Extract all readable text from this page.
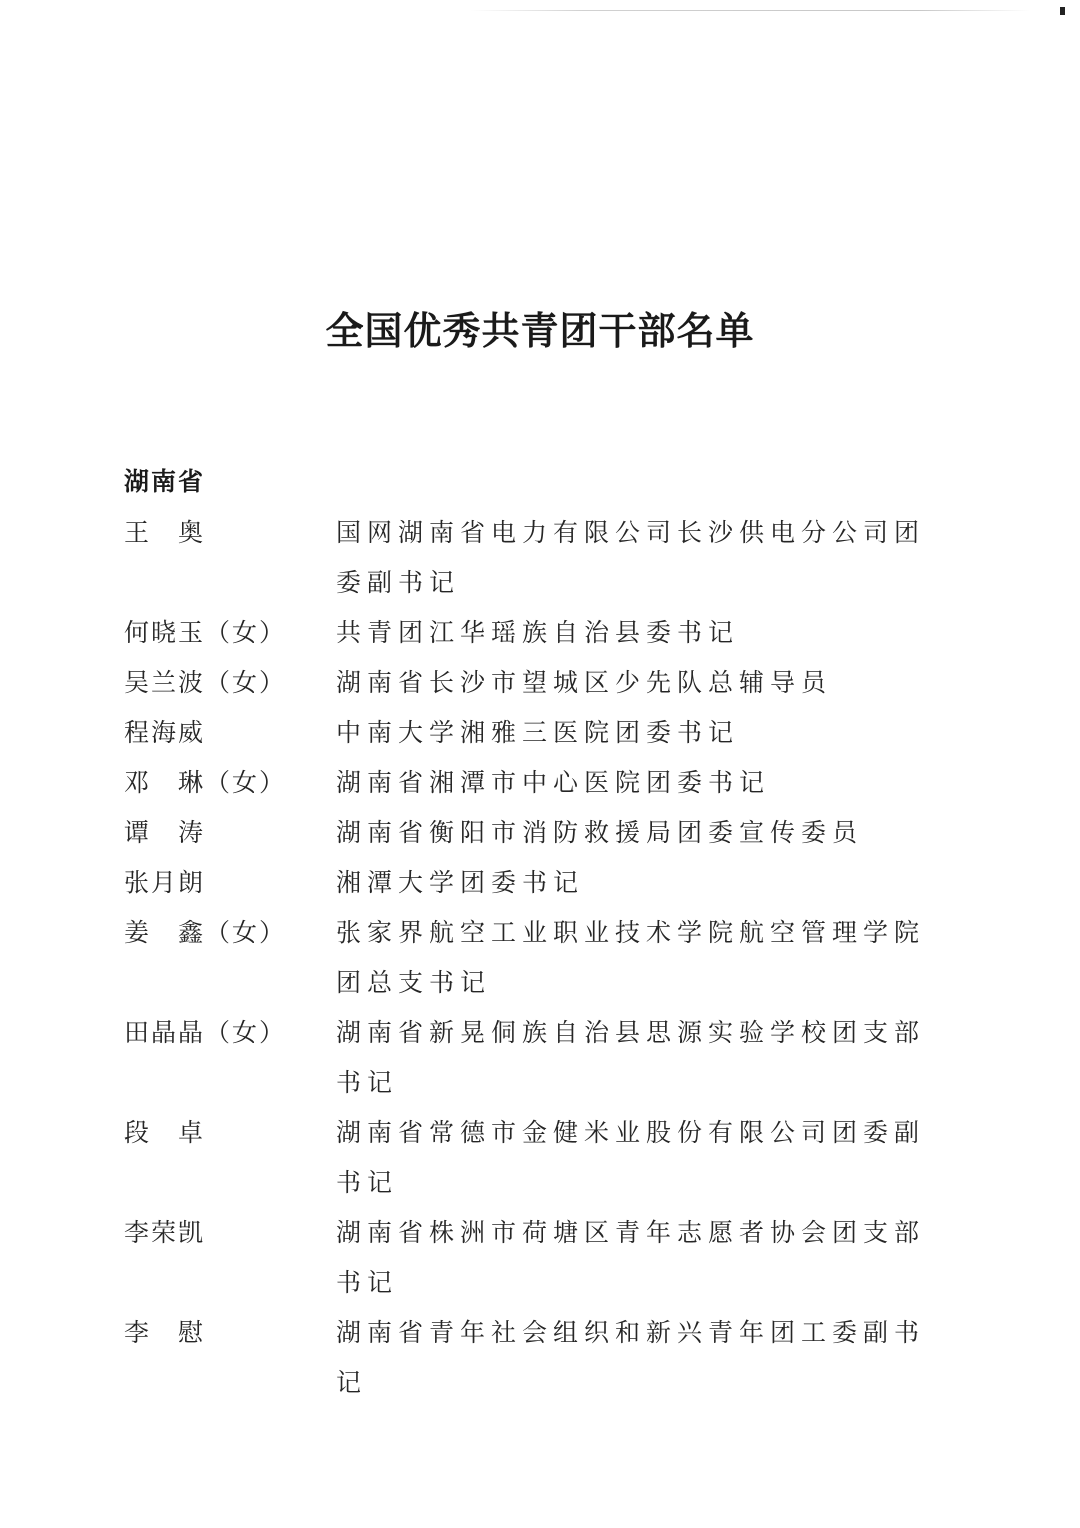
全国优秀共青团干部名单
湖南省
王　奥	国网湖南省电力有限公司长沙供电分公司团委副书记
何晓玉（女）	共青团江华瑶族自治县委书记
吴兰波（女）	湖南省长沙市望城区少先队总辅导员
程海威	中南大学湘雅三医院团委书记
邓　琳（女）	湖南省湘潭市中心医院团委书记
谭　涛	湖南省衡阳市消防救援局团委宣传委员
张月朗	湘潭大学团委书记
姜　鑫（女）	张家界航空工业职业技术学院航空管理学院团总支书记
田晶晶（女）	湖南省新晃侗族自治县思源实验学校团支部书记
段　卓	湖南省常德市金健米业股份有限公司团委副书记
李荣凯	湖南省株洲市荷塘区青年志愿者协会团支部书记
李　慰	湖南省青年社会组织和新兴青年团工委副书记
